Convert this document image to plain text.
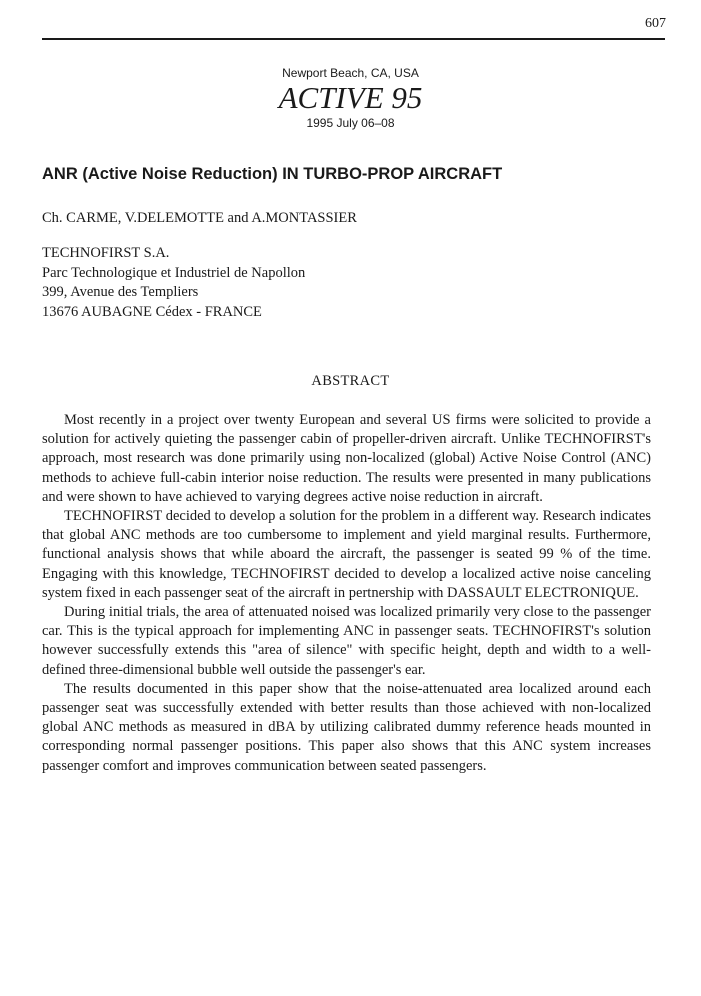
607
Newport Beach, CA, USA
ACTIVE 95
1995 July 06–08
ANR (Active Noise Reduction) IN TURBO-PROP AIRCRAFT
Ch. CARME, V.DELEMOTTE and A.MONTASSIER
TECHNOFIRST S.A.
Parc Technologique et Industriel de Napollon
399, Avenue des Templiers
13676 AUBAGNE Cédex - FRANCE
ABSTRACT

Most recently in a project over twenty European and several US firms were solicited to provide a solution for actively quieting the passenger cabin of propeller-driven aircraft. Unlike TECHNOFIRST's approach, most research was done primarily using non-localized (global) Active Noise Control (ANC) methods to achieve full-cabin interior noise reduction. The results were presented in many publications and were shown to have achieved to varying degrees active noise reduction in aircraft.

TECHNOFIRST decided to develop a solution for the problem in a different way. Research indicates that global ANC methods are too cumbersome to implement and yield marginal results. Furthermore, functional analysis shows that while aboard the aircraft, the passenger is seated 99 % of the time. Engaging with this knowledge, TECHNOFIRST decided to develop a localized active noise canceling system fixed in each passenger seat of the aircraft in pertnership with DASSAULT ELECTRONIQUE.

During initial trials, the area of attenuated noised was localized primarily very close to the passenger car. This is the typical approach for implementing ANC in passenger seats. TECHNOFIRST's solution however successfully extends this "area of silence" with specific height, depth and width to a well-defined three-dimensional bubble well outside the passenger's ear.

The results documented in this paper show that the noise-attenuated area localized around each passenger seat was successfully extended with better results than those achieved with non-localized global ANC methods as measured in dBA by utilizing calibrated dummy reference heads mounted in corresponding normal passenger positions. This paper also shows that this ANC system increases passenger comfort and improves communication between seated passengers.
